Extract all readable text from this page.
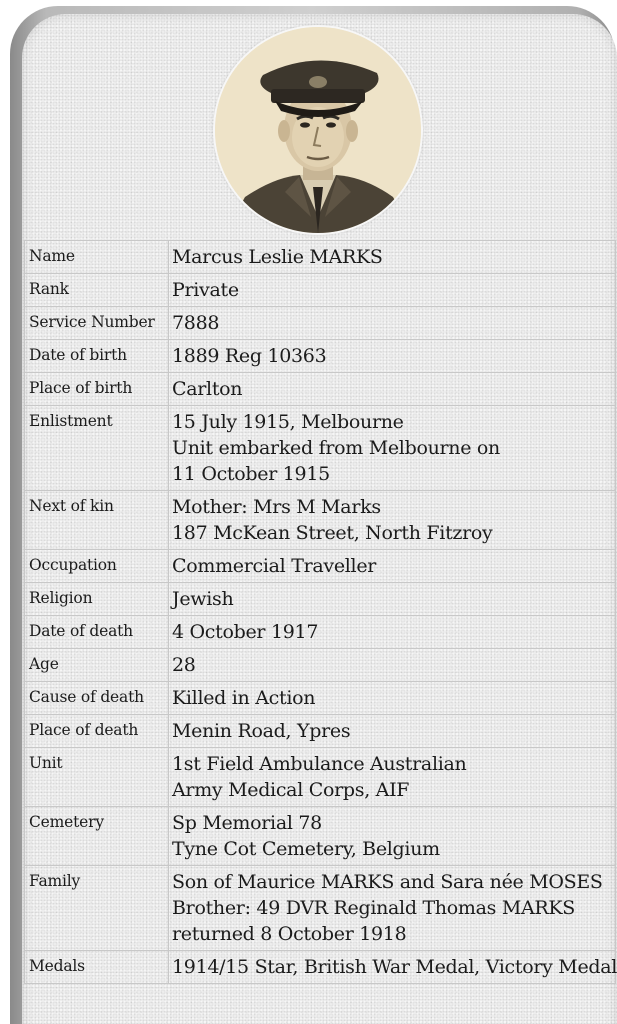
Name	Marcus Leslie MARKS

Rank	Private

Service Number	7888

Date of birth	1889 Reg 10363

Place of birth	Carlton

Enlistment	15 July 1915, Melbourne
Unit embarked from Melbourne on
11 October 1915

Next of kin	Mother: Mrs M Marks
187 McKean Street, North Fitzroy

Occupation	Commercial Traveller

Religion	Jewish

Date of death	4 October 1917

Age	28

Cause of death	Killed in Action

Place of death	Menin Road, Ypres

Unit	1st Field Ambulance Australian
Army Medical Corps, AIF

Cemetery	Sp Memorial 78
Tyne Cot Cemetery, Belgium

Family	Son of Maurice MARKS and Sara née MOSES
Brother: 49 DVR Reginald Thomas MARKS
returned 8 October 1918

Medals	1914/15 Star, British War Medal, Victory Medal
